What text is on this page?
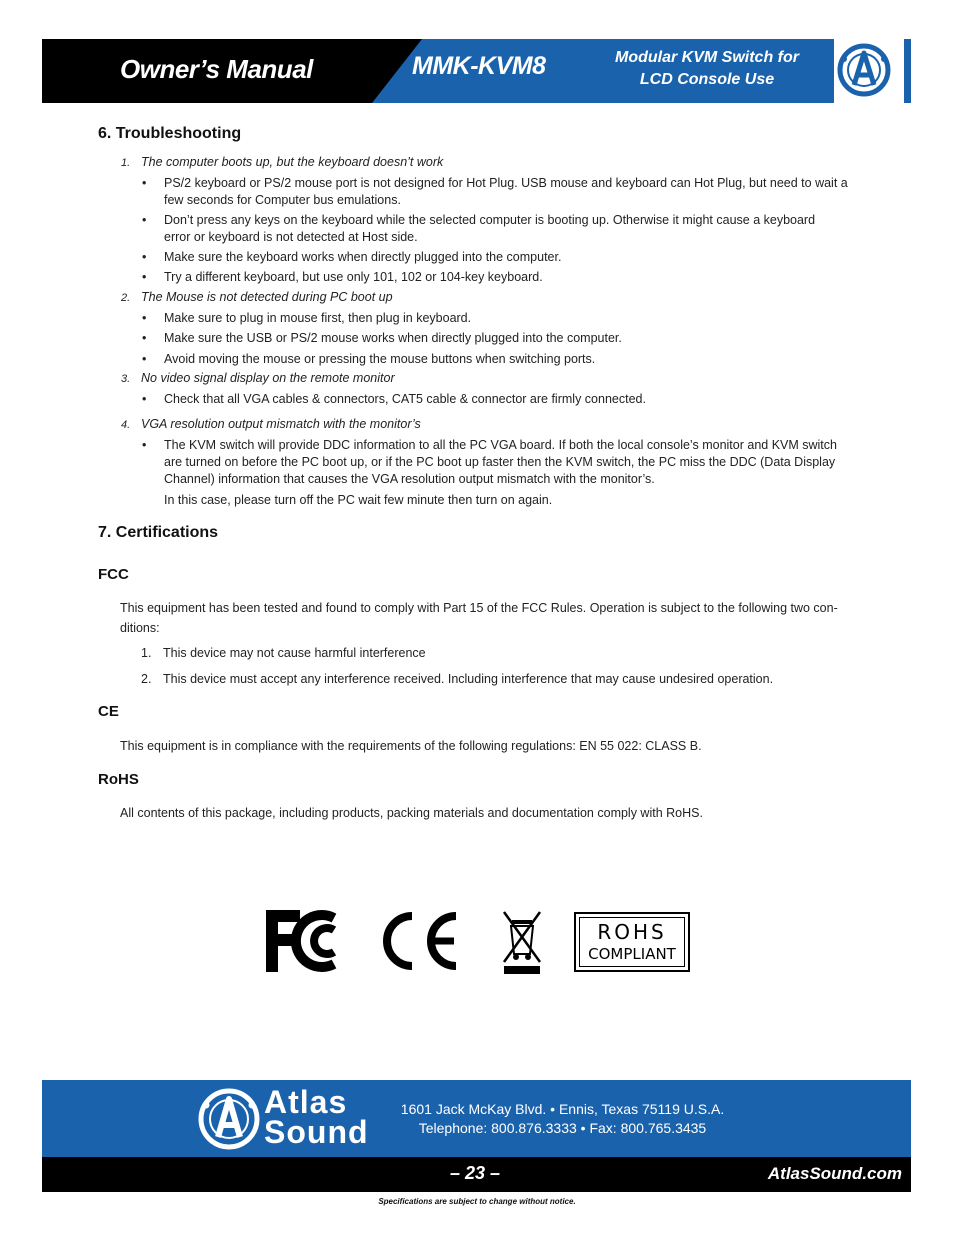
Owner’s Manual	MMK-KVM8	Modular KVM Switch for
LCD Console Use
6. Troubleshooting
1. The computer boots up, but the keyboard doesn’t work
• PS/2 keyboard or PS/2 mouse port is not designed for Hot Plug. USB mouse and keyboard can Hot Plug, but need to wait a
few seconds for Computer bus emulations.
• Don’t press any keys on the keyboard while the selected computer is booting up. Otherwise it might cause a keyboard
error or keyboard is not detected at Host side.
• Make sure the keyboard works when directly plugged into the computer.
• Try a different keyboard, but use only 101, 102 or 104-key keyboard.
2. The Mouse is not detected during PC boot up
• Make sure to plug in mouse first, then plug in keyboard.
• Make sure the USB or PS/2 mouse works when directly plugged into the computer.
• Avoid moving the mouse or pressing the mouse buttons when switching ports.
3. No video signal display on the remote monitor
• Check that all VGA cables & connectors, CAT5 cable & connector are firmly connected.
4. VGA resolution output mismatch with the monitor’s
• The KVM switch will provide DDC information to all the PC VGA board. If both the local console’s monitor and KVM switch
are turned on before the PC boot up, or if the PC boot up faster then the KVM switch, the PC miss the DDC (Data Display
Channel) information that causes the VGA resolution output mismatch with the monitor’s.
In this case, please turn off the PC wait few minute then turn on again.
7. Certifications
FCC
This equipment has been tested and found to comply with Part 15 of the FCC Rules. Operation is subject to the following two con-
ditions:
1. This device may not cause harmful interference
2. This device must accept any interference received. Including interference that may cause undesired operation.
CE
This equipment is in compliance with the requirements of the following regulations: EN 55 022: CLASS B.
RoHS
All contents of this package, including products, packing materials and documentation comply with RoHS.
ROHS
COMPLIANT
Atlas
Sound
1601 Jack McKay Blvd. • Ennis, Texas 75119 U.S.A.
Telephone: 800.876.3333 • Fax: 800.765.3435
– 23 –	AtlasSound.com
Specifications are subject to change without notice.
